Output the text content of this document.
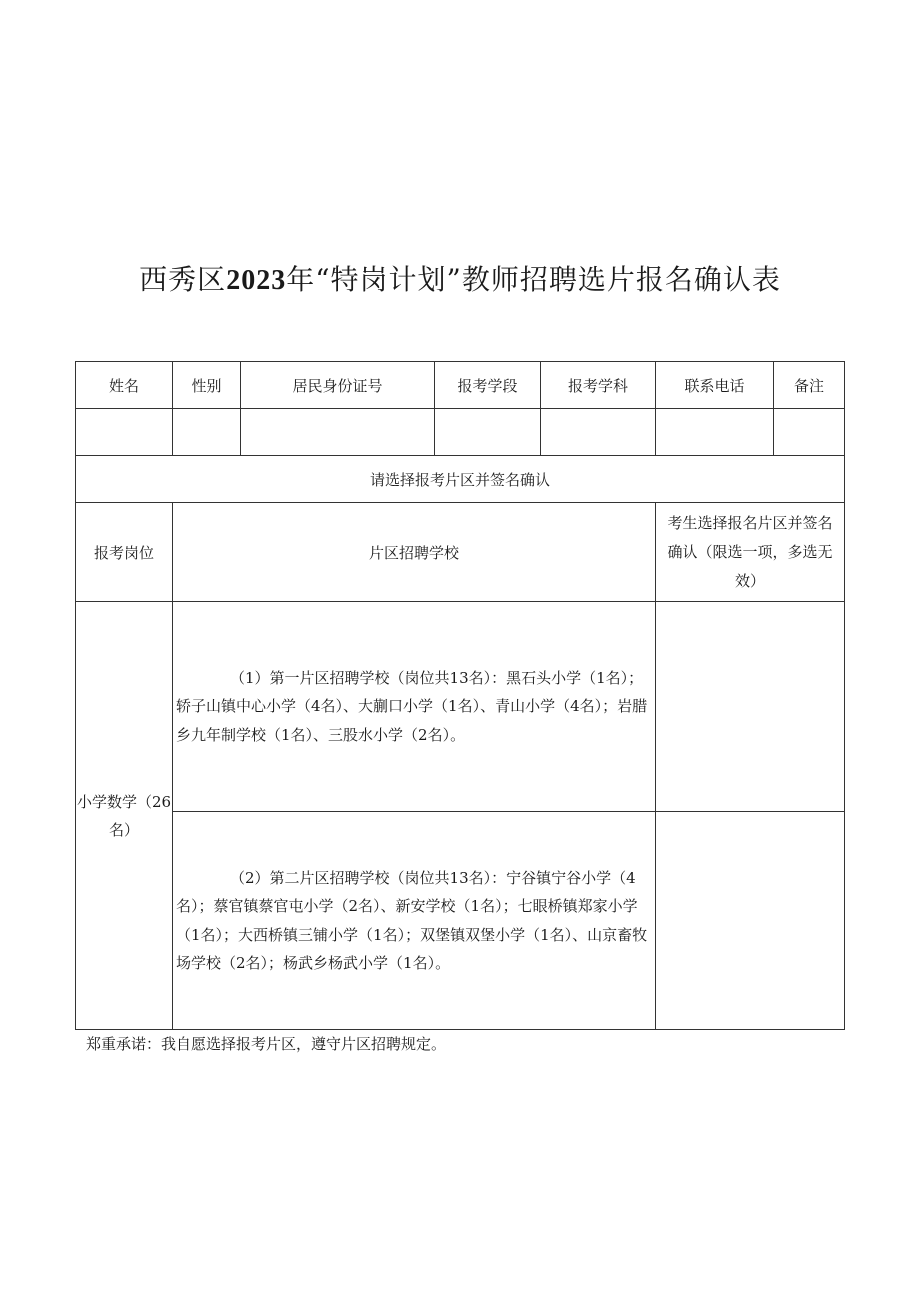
西秀区2023年“特岗计划”教师招聘选片报名确认表
姓名	性别	居民身份证号	报考学段	报考学科	联系电话	备注

请选择报考片区并签名确认						
报考岗位	片区招聘学校				考生选择报名片区并签名确认（限选一项，多选无效）	
小学数学（26名）	（1）第一片区招聘学校（岗位共13名）：黑石头小学（1名）；轿子山镇中心小学（4名）、大蒯口小学（1名）、青山小学（4名）；岩腊乡九年制学校（1名）、三股水小学（2名）。					

	（2）第二片区招聘学校（岗位共13名）：宁谷镇宁谷小学（4名）；蔡官镇蔡官屯小学（2名）、新安学校（1名）；七眼桥镇郑家小学（1名）；大西桥镇三铺小学（1名）；双堡镇双堡小学（1名）、山京畜牧场学校（2名）；杨武乡杨武小学（1名）。					

郑重承诺：我自愿选择报考片区，遵守片区招聘规定。
